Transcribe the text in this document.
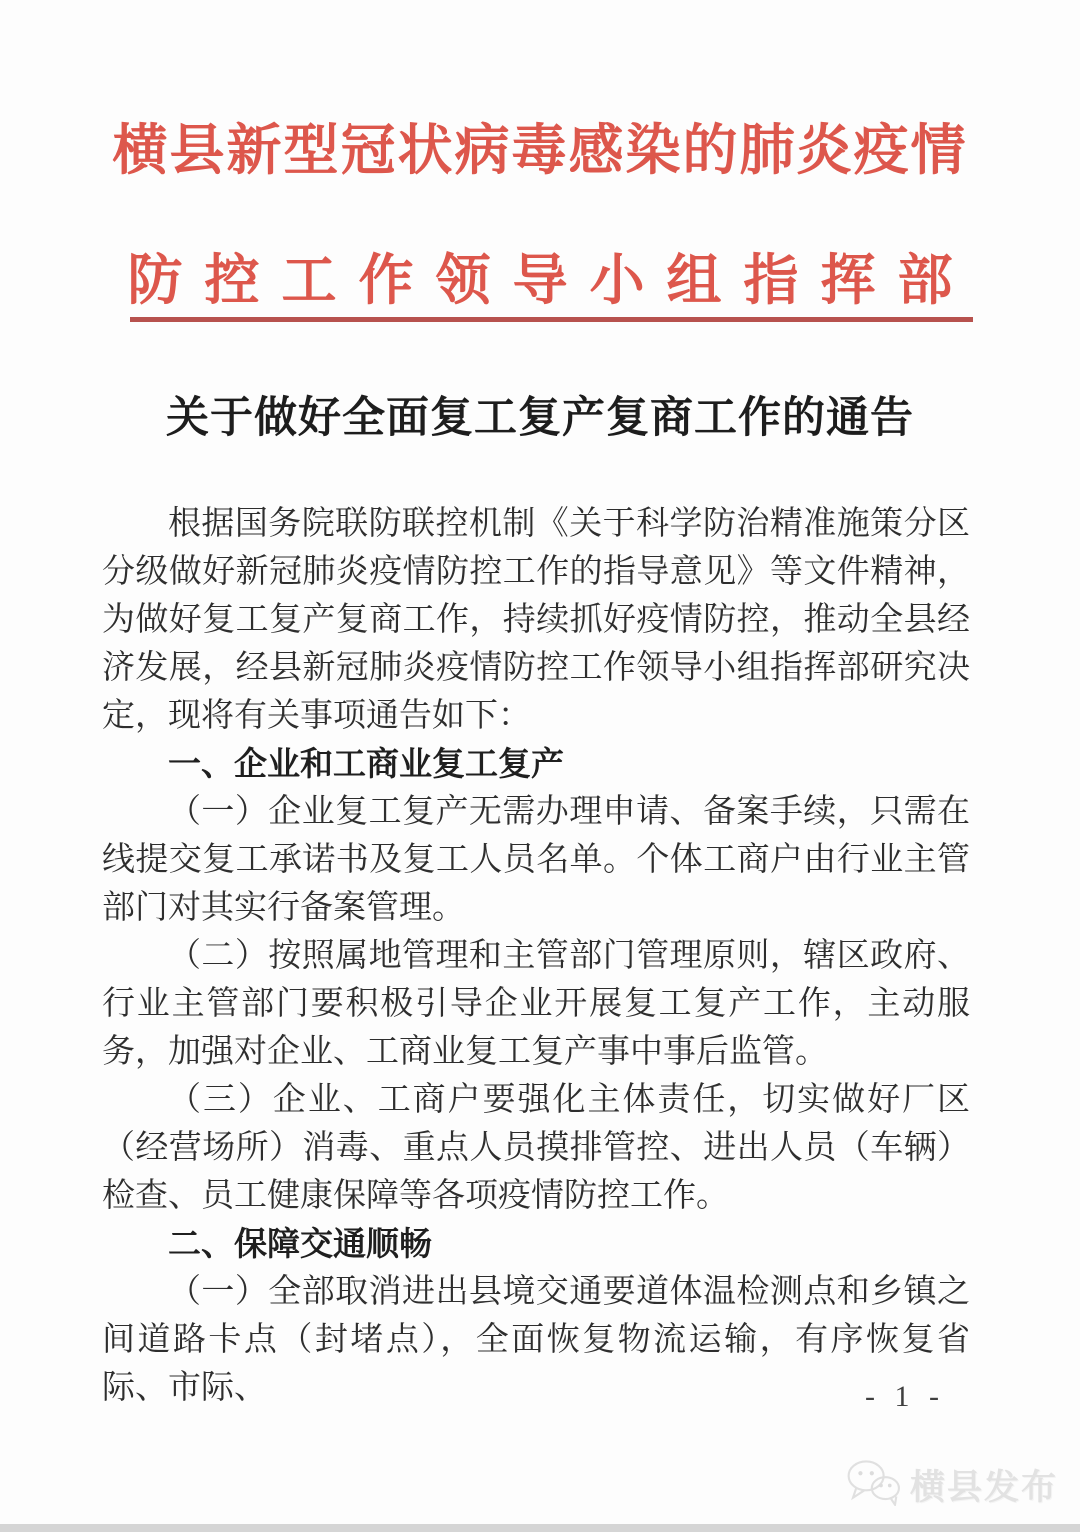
横县新型冠状病毒感染的肺炎疫情
防控工作领导小组指挥部
关于做好全面复工复产复商工作的通告

根据国务院联防联控机制《关于科学防治精准施策分区分级做好新冠肺炎疫情防控工作的指导意见》等文件精神，为做好复工复产复商工作，持续抓好疫情防控，推动全县经济发展，经县新冠肺炎疫情防控工作领导小组指挥部研究决定，现将有关事项通告如下：

一、企业和工商业复工复产

（一）企业复工复产无需办理申请、备案手续，只需在线提交复工承诺书及复工人员名单。个体工商户由行业主管部门对其实行备案管理。

（二）按照属地管理和主管部门管理原则，辖区政府、行业主管部门要积极引导企业开展复工复产工作，主动服务，加强对企业、工商业复工复产事中事后监管。

（三）企业、工商户要强化主体责任，切实做好厂区（经营场所）消毒、重点人员摸排管控、进出人员（车辆）检查、员工健康保障等各项疫情防控工作。

二、保障交通顺畅

（一）全部取消进出县境交通要道体温检测点和乡镇之间道路卡点（封堵点），全面恢复物流运输，有序恢复省际、市际、	- 1 -
横县发布
